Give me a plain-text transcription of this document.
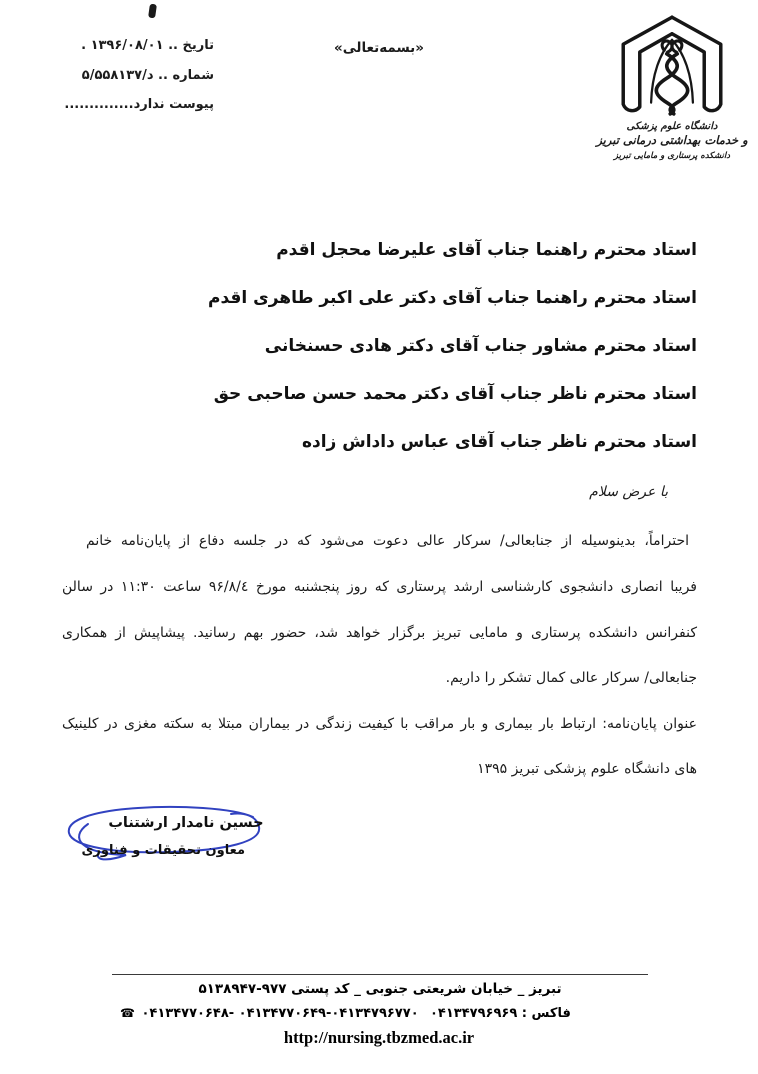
تاریخ .. ۱۳۹۶/۰۸/۰۱ .
شماره .. ۵/د/۵۵۸۱۳۷
پیوست ندارد..............
«بسمه‌تعالی»
دانشگاه علوم پزشکی
و خدمات بهداشتی درمانی تبریز
دانشکده پرستاری و مامایی تبریز
استاد محترم راهنما جناب آقای علیرضا محجل اقدم
استاد محترم راهنما جناب آقای دکتر علی اکبر طاهری اقدم
استاد محترم مشاور جناب آقای دکتر هادی حسنخانی
استاد محترم ناظر جناب آقای دکتر محمد حسن صاحبی حق
استاد محترم ناظر جناب آقای عباس داداش زاده
با عرض سلام
احتراماً، بدینوسیله از جنابعالی/ سرکار عالی دعوت می‌شود که در جلسه دفاع از پایان‌نامه خانم
فریبا انصاری دانشجوی کارشناسی ارشد پرستاری که روز پنجشنبه مورخ ۹۶/۸/٤ ساعت ۱۱:۳۰ در سالن
کنفرانس دانشکده پرستاری و مامایی تبریز برگزار خواهد شد، حضور بهم رسانید. پیشاپیش از همکاری
جنابعالی/ سرکار عالی کمال تشکر را داریم.
عنوان پایان‌نامه: ارتباط بار بیماری و بار مراقب با کیفیت زندگی در بیماران مبتلا به سکته مغزی در کلینیک
های دانشگاه علوم پزشکی تبریز ۱۳۹۵
حسین نامدار ارشتناب
معاون تحقیقات و فناوری
تبریز _ خیابان شریعتی جنوبی _ کد پستی ۵۱۳۸۹۴۷-۹۷۷
☎ ۰۴۱۳۴۷۷۰۶۴۸- ۰۴۱۳۴۷۷۰۶۴۹-۰۴۱۳۴۷۹۶۷۷۰	فاکس : ۰۴۱۳۴۷۹۶۹۶۹
http://nursing.tbzmed.ac.ir
